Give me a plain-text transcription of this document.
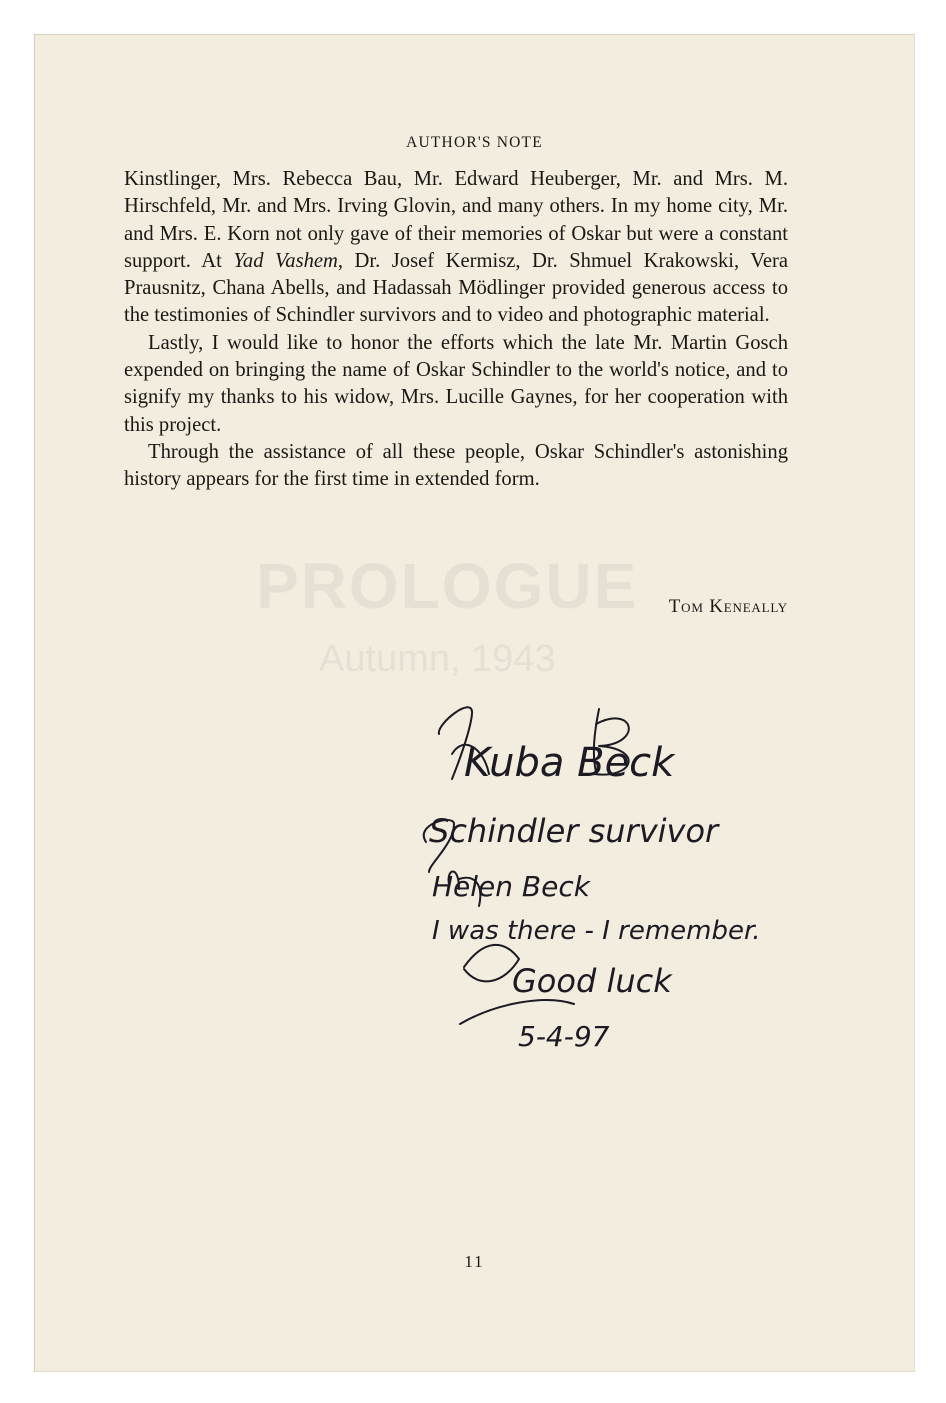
PROLOGUE
Autumn, 1943
AUTHOR'S NOTE

Kinstlinger, Mrs. Rebecca Bau, Mr. Edward Heuberger, Mr. and Mrs. M. Hirschfeld, Mr. and Mrs. Irving Glovin, and many others. In my home city, Mr. and Mrs. E. Korn not only gave of their memories of Oskar but were a constant support. At Yad Vashem, Dr. Josef Kermisz, Dr. Shmuel Krakowski, Vera Prausnitz, Chana Abells, and Hadassah Mödlinger provided generous access to the testimonies of Schindler survivors and to video and photographic material.

Lastly, I would like to honor the efforts which the late Mr. Martin Gosch expended on bringing the name of Oskar Schindler to the world's notice, and to signify my thanks to his widow, Mrs. Lucille Gaynes, for her cooperation with this project.

Through the assistance of all these people, Oskar Schindler's astonishing history appears for the first time in extended form.

Tom Keneally
Kuba Beck
Schindler survivor
Helen Beck
I was there - I remember.
Good luck
5-4-97
11
